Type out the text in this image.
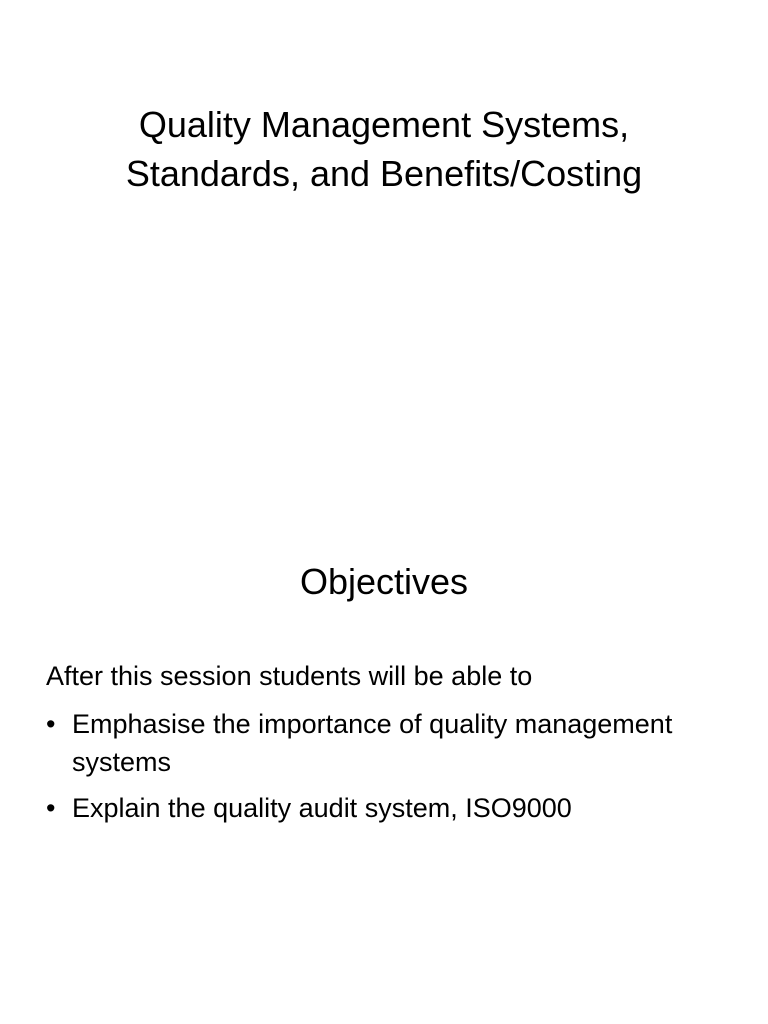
Quality Management Systems,
Standards, and Benefits/Costing
Objectives

After this session students will be able to

• Emphasise the importance of quality management systems
• Explain the quality audit system, ISO9000
